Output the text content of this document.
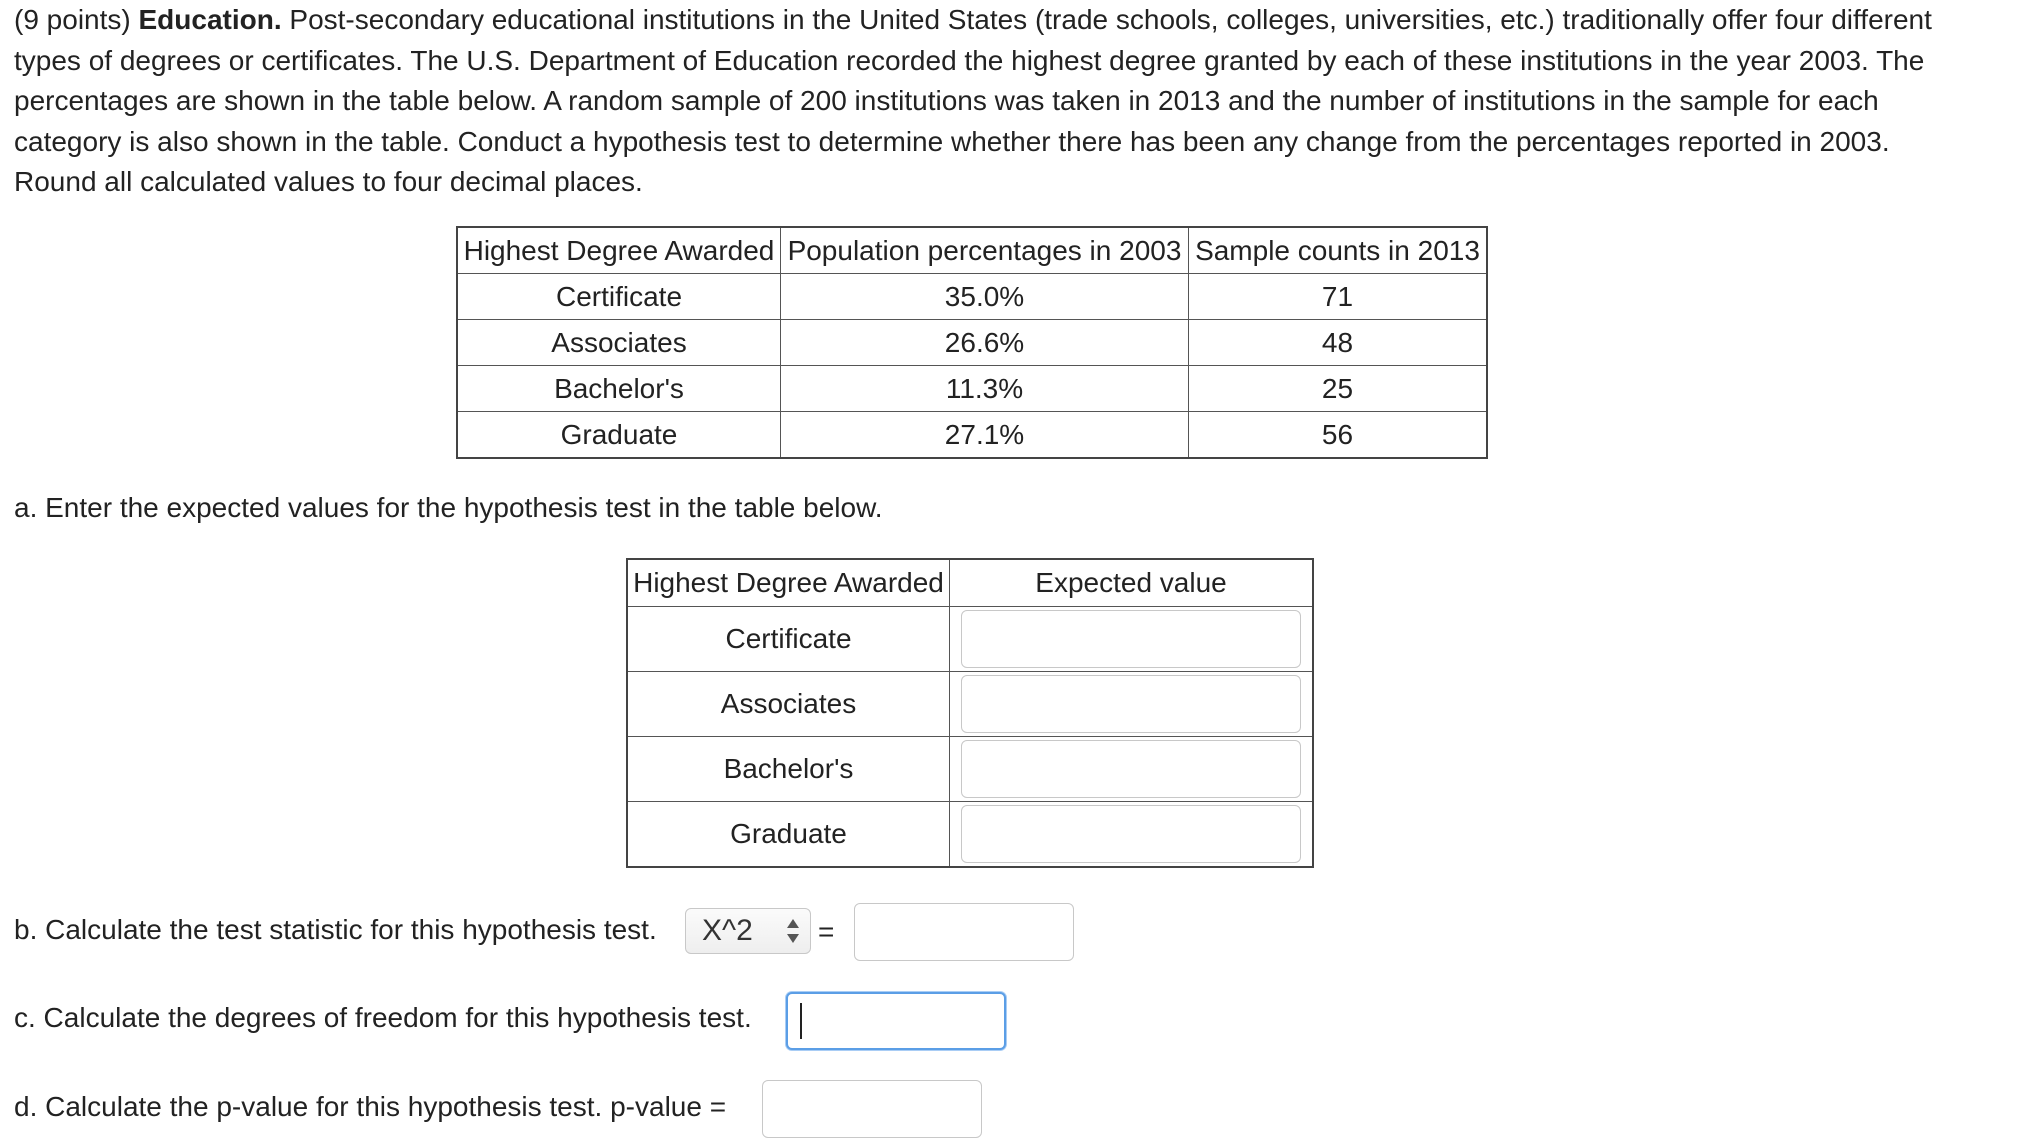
(9 points) Education. Post-secondary educational institutions in the United States (trade schools, colleges, universities, etc.) traditionally offer four different types of degrees or certificates. The U.S. Department of Education recorded the highest degree granted by each of these institutions in the year 2003. The percentages are shown in the table below. A random sample of 200 institutions was taken in 2013 and the number of institutions in the sample for each category is also shown in the table. Conduct a hypothesis test to determine whether there has been any change from the percentages reported in 2003. Round all calculated values to four decimal places.

Highest Degree Awarded	Population percentages in 2003	Sample counts in 2013
Certificate	35.0%	71
Associates	26.6%	48
Bachelor's	11.3%	25
Graduate	27.1%	56
a. Enter the expected values for the hypothesis test in the table below.
Highest Degree Awarded	Expected value
Certificate	

Associates	

Bachelor's	

Graduate	
b. Calculate the test statistic for this hypothesis test.	X^2	=
c. Calculate the degrees of freedom for this hypothesis test.
d. Calculate the p-value for this hypothesis test. p-value =
